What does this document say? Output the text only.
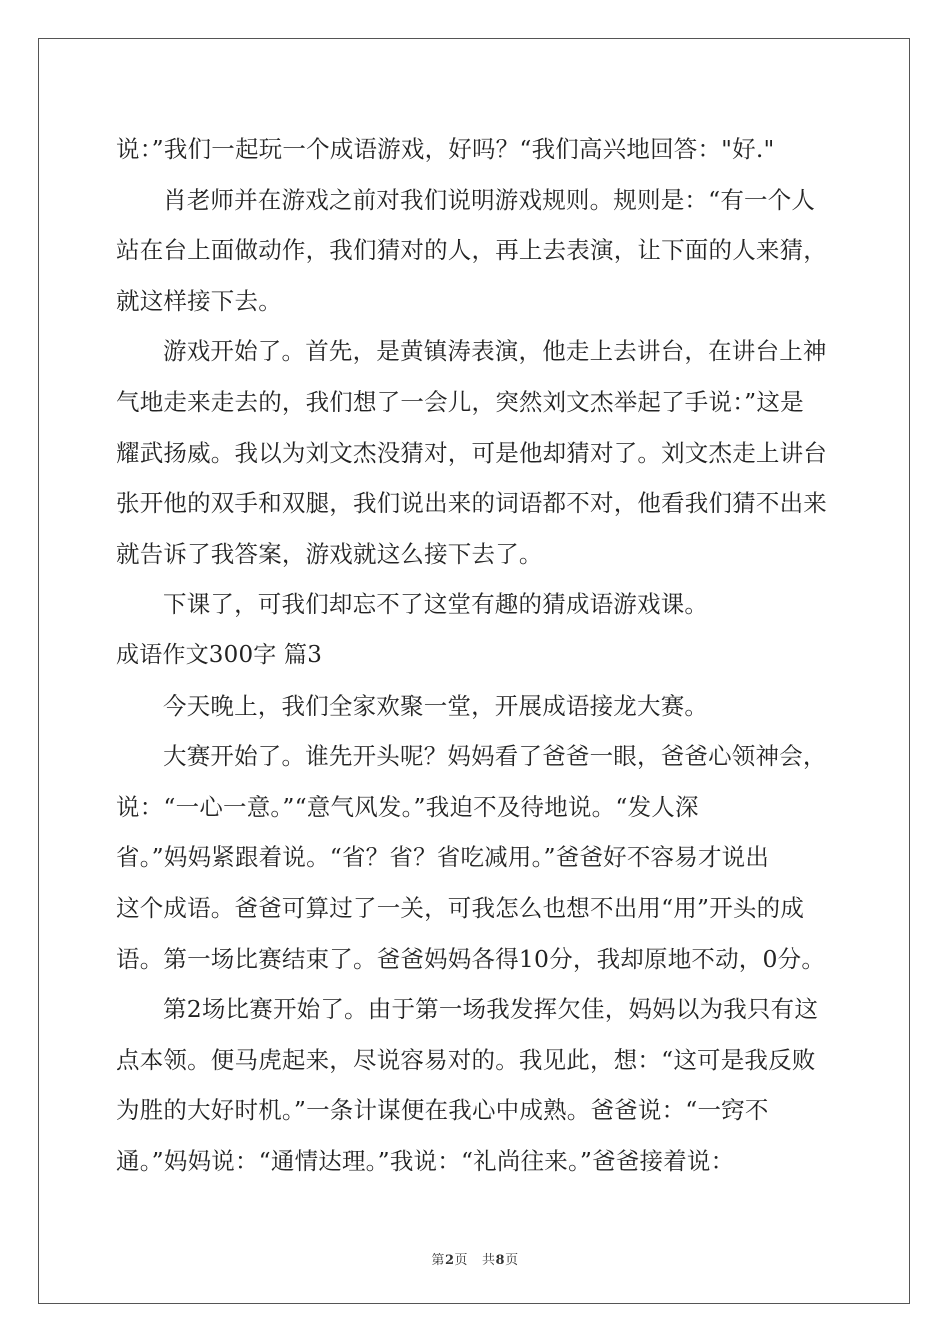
说：”我们一起玩一个成语游戏，好吗？“我们高兴地回答："好."
肖老师并在游戏之前对我们说明游戏规则。规则是：“有一个人
站在台上面做动作，我们猜对的人，再上去表演，让下面的人来猜，
就这样接下去。
游戏开始了。首先，是黄镇涛表演，他走上去讲台，在讲台上神
气地走来走去的，我们想了一会儿，突然刘文杰举起了手说：”这是
耀武扬威。我以为刘文杰没猜对，可是他却猜对了。刘文杰走上讲台
张开他的双手和双腿，我们说出来的词语都不对，他看我们猜不出来
就告诉了我答案，游戏就这么接下去了。
下课了，可我们却忘不了这堂有趣的猜成语游戏课。
成语作文300字 篇3
今天晚上，我们全家欢聚一堂，开展成语接龙大赛。
大赛开始了。谁先开头呢？妈妈看了爸爸一眼，爸爸心领神会，
说：“一心一意。”“意气风发。”我迫不及待地说。“发人深
省。”妈妈紧跟着说。“省？省？省吃减用。”爸爸好不容易才说出
这个成语。爸爸可算过了一关，可我怎么也想不出用“用”开头的成
语。第一场比赛结束了。爸爸妈妈各得10分，我却原地不动，0分。
第2场比赛开始了。由于第一场我发挥欠佳，妈妈以为我只有这
点本领。便马虎起来，尽说容易对的。我见此，想：“这可是我反败
为胜的大好时机。”一条计谋便在我心中成熟。爸爸说：“一窍不
通。”妈妈说：“通情达理。”我说：“礼尚往来。”爸爸接着说：
第2页 共8页
